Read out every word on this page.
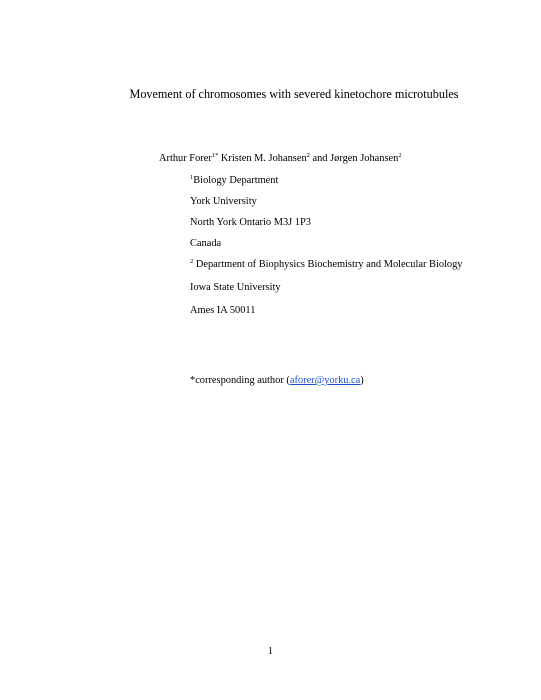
Movement of chromosomes with severed kinetochore microtubules
Arthur Forer$^{1*}$ Kristen M. Johansen$^2$ and Jørgen Johansen$^2$
$^1$Biology Department
York University
North York Ontario M3J 1P3
Canada
$^2$ Department of Biophysics Biochemistry and Molecular Biology
Iowa State University
Ames IA 50011
*corresponding author (aforer@yorku.ca)
1
